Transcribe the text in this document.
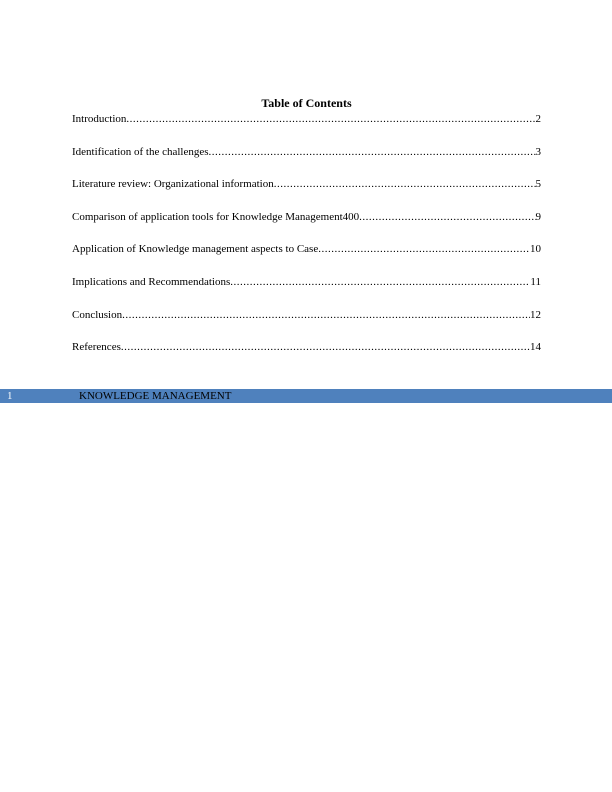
Table of Contents
Introduction .....	2
Identification of the challenges .....	3
Literature review: Organizational information .....	5
Comparison of application tools for Knowledge Management400 .....	9
Application of Knowledge management aspects to Case .....	10
Implications and Recommendations .....	11
Conclusion .....	12
References .....	14
1	KNOWLEDGE MANAGEMENT
